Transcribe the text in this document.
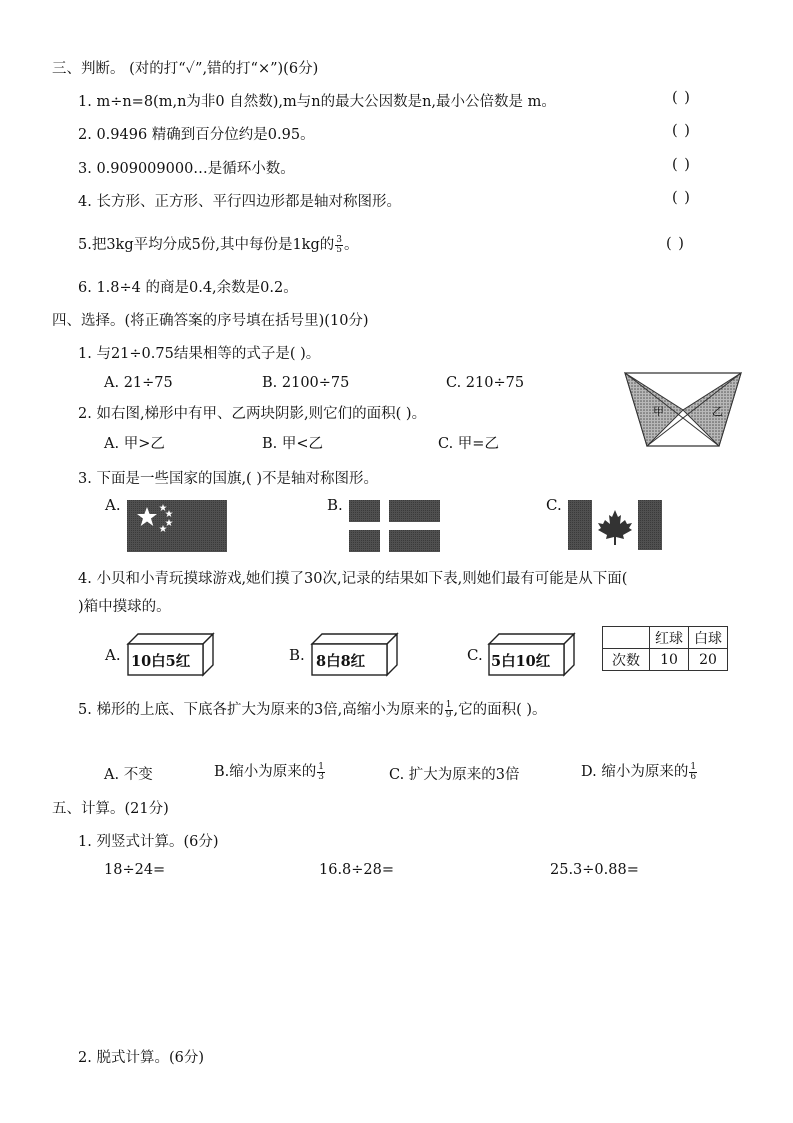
三、判断。 (对的打“✓”,错的打“×”)(6分)
1. m÷n=8(m,n为非0 自然数),m与n的最大公因数是n,最小公倍数是 m。	( )
2. 0.9496 精确到百分位约是0.95。	( )
3. 0.909009000…是循环小数。	( )
4. 长方形、正方形、平行四边形都是轴对称图形。	( )
5.把3kg平均分成5份,其中每份是1kg的 $\frac{3}{5}$ 。	( )
6. 1.8÷4 的商是0.4,余数是0.2。
四、选择。(将正确答案的序号填在括号里)(10分)
1. 与21÷0.75结果相等的式子是( )。
A. 21÷75	B. 2100÷75	C. 210÷75
甲	乙
2. 如右图,梯形中有甲、乙两块阴影,则它们的面积( )。
A. 甲>乙	B. 甲<乙	C. 甲=乙
3. 下面是一些国家的国旗,( )不是轴对称图形。
A.	B.	C.
4. 小贝和小青玩摸球游戏,她们摸了30次,记录的结果如下表,则她们最有可能是从下面(
)箱中摸球的。
A. 10白5红	B. 8白8红	C. 5白10红
	红球	白球
次数	10	20
5. 梯形的上底、下底各扩大为原来的3倍,高缩小为原来的 $\frac{1}{9}$ ,它的面积( )。
A. 不变	B.缩小为原来的 $\frac{1}{3}$	C. 扩大为原来的3倍	D. 缩小为原来的 $\frac{1}{6}$
五、计算。(21分)
1. 列竖式计算。(6分)
18÷24=	16.8÷28=	25.3÷0.88=
2. 脱式计算。(6分)
